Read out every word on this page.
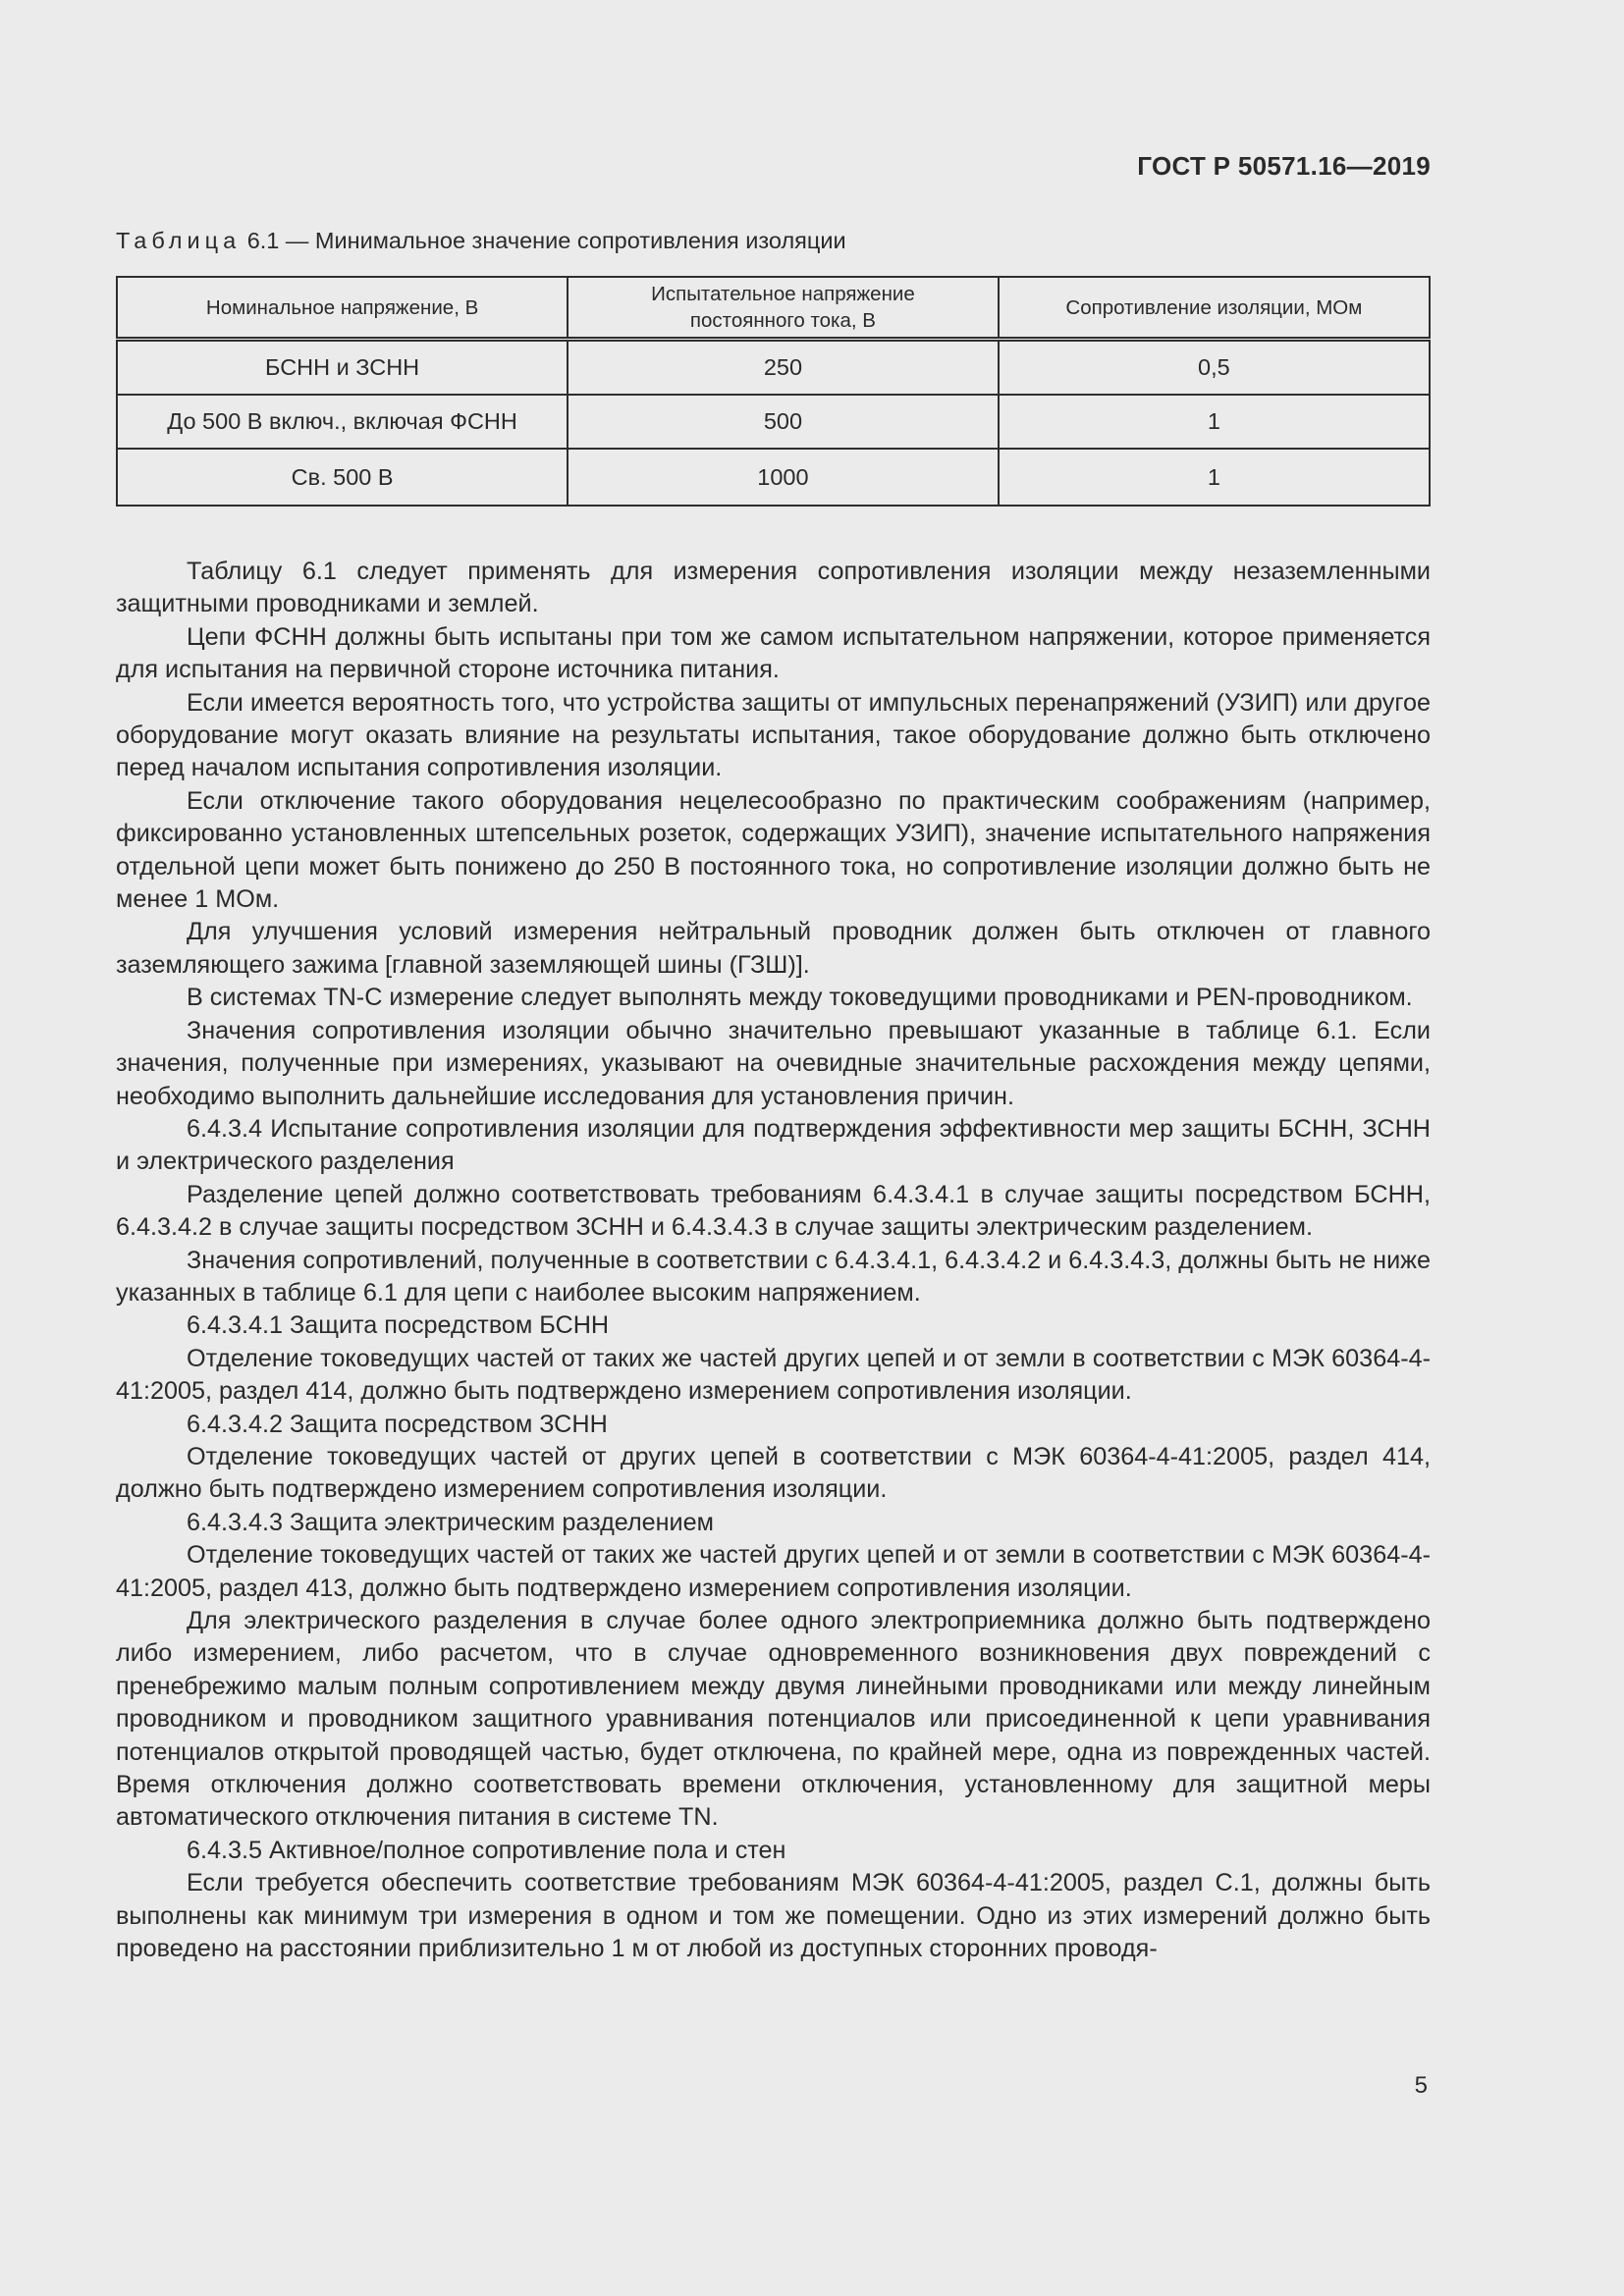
ГОСТ Р 50571.16—2019
Таблица 6.1 — Минимальное значение сопротивления изоляции
Номинальное напряжение, В	Испытательное напряжение постоянного тока, В	Сопротивление изоляции, МОм
БСНН и ЗСНН	250	0,5
До 500 В включ., включая ФСНН	500	1
Св. 500 В	1000	1

Таблицу 6.1 следует применять для измерения сопротивления изоляции между незаземленными защитными проводниками и землей.

Цепи ФСНН должны быть испытаны при том же самом испытательном напряжении, которое применяется для испытания на первичной стороне источника питания.

Если имеется вероятность того, что устройства защиты от импульсных перенапряжений (УЗИП) или другое оборудование могут оказать влияние на результаты испытания, такое оборудование должно быть отключено перед началом испытания сопротивления изоляции.

Если отключение такого оборудования нецелесообразно по практическим соображениям (например, фиксированно установленных штепсельных розеток, содержащих УЗИП), значение испытательного напряжения отдельной цепи может быть понижено до 250 В постоянного тока, но сопротивление изоляции должно быть не менее 1 МОм.

Для улучшения условий измерения нейтральный проводник должен быть отключен от главного заземляющего зажима [главной заземляющей шины (ГЗШ)].

В системах TN-C измерение следует выполнять между токоведущими проводниками и PEN-проводником.

Значения сопротивления изоляции обычно значительно превышают указанные в таблице 6.1. Если значения, полученные при измерениях, указывают на очевидные значительные расхождения между цепями, необходимо выполнить дальнейшие исследования для установления причин.

6.4.3.4 Испытание сопротивления изоляции для подтверждения эффективности мер защиты БСНН, ЗСНН и электрического разделения

Разделение цепей должно соответствовать требованиям 6.4.3.4.1 в случае защиты посредством БСНН, 6.4.3.4.2 в случае защиты посредством ЗСНН и 6.4.3.4.3 в случае защиты электрическим разделением.

Значения сопротивлений, полученные в соответствии с 6.4.3.4.1, 6.4.3.4.2 и 6.4.3.4.3, должны быть не ниже указанных в таблице 6.1 для цепи с наиболее высоким напряжением.

6.4.3.4.1 Защита посредством БСНН

Отделение токоведущих частей от таких же частей других цепей и от земли в соответствии с МЭК 60364-4-41:2005, раздел 414, должно быть подтверждено измерением сопротивления изоляции.

6.4.3.4.2 Защита посредством ЗСНН

Отделение токоведущих частей от других цепей в соответствии с МЭК 60364-4-41:2005, раздел 414, должно быть подтверждено измерением сопротивления изоляции.

6.4.3.4.3 Защита электрическим разделением

Отделение токоведущих частей от таких же частей других цепей и от земли в соответствии с МЭК 60364-4-41:2005, раздел 413, должно быть подтверждено измерением сопротивления изоляции.

Для электрического разделения в случае более одного электроприемника должно быть подтверждено либо измерением, либо расчетом, что в случае одновременного возникновения двух повреждений с пренебрежимо малым полным сопротивлением между двумя линейными проводниками или между линейным проводником и проводником защитного уравнивания потенциалов или присоединенной к цепи уравнивания потенциалов открытой проводящей частью, будет отключена, по крайней мере, одна из поврежденных частей. Время отключения должно соответствовать времени отключения, установленному для защитной меры автоматического отключения питания в системе TN.

6.4.3.5 Активное/полное сопротивление пола и стен

Если требуется обеспечить соответствие требованиям МЭК 60364-4-41:2005, раздел С.1, должны быть выполнены как минимум три измерения в одном и том же помещении. Одно из этих измерений должно быть проведено на расстоянии приблизительно 1 м от любой из доступных сторонних проводя-

5
